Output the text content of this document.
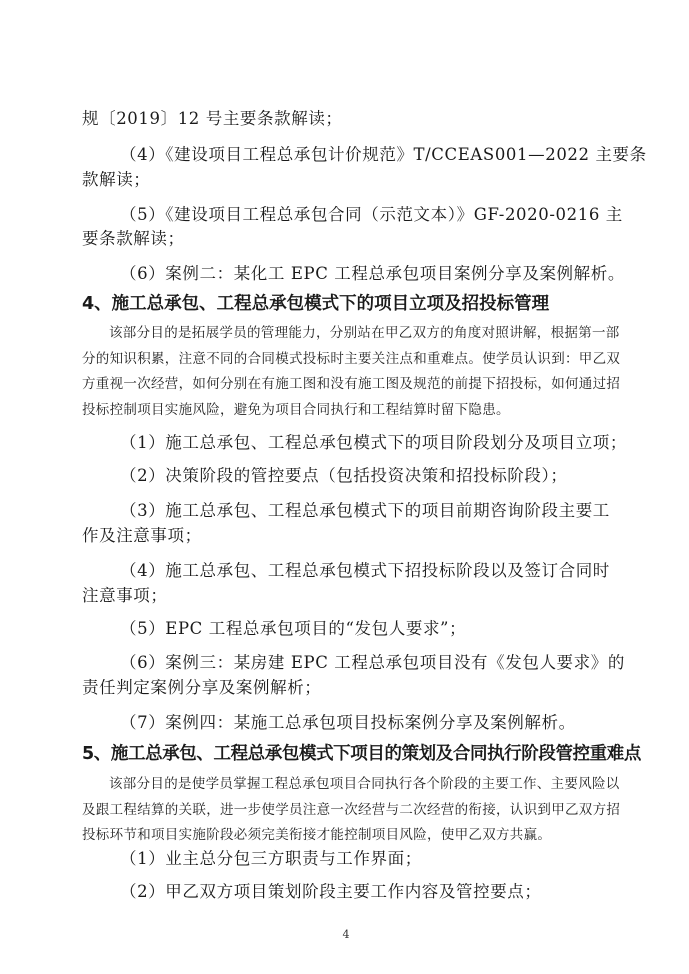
规〔2019〕12 号主要条款解读；

（4）《建设项目工程总承包计价规范》T/CCEAS001—2022 主要条

款解读；

（5）《建设项目工程总承包合同（示范文本）》GF-2020-0216 主

要条款解读；

（6）案例二：某化工 EPC 工程总承包项目案例分享及案例解析。

4、施工总承包、工程总承包模式下的项目立项及招投标管理

该部分目的是拓展学员的管理能力，分别站在甲乙双方的角度对照讲解，根据第一部分的知识积累，注意不同的合同模式投标时主要关注点和重难点。使学员认识到：甲乙双方重视一次经营，如何分别在有施工图和没有施工图及规范的前提下招投标，如何通过招投标控制项目实施风险，避免为项目合同执行和工程结算时留下隐患。

（1）施工总承包、工程总承包模式下的项目阶段划分及项目立项；

（2）决策阶段的管控要点（包括投资决策和招投标阶段）；

（3）施工总承包、工程总承包模式下的项目前期咨询阶段主要工

作及注意事项；

（4）施工总承包、工程总承包模式下招投标阶段以及签订合同时

注意事项；

（5）EPC 工程总承包项目的“发包人要求”；

（6）案例三：某房建 EPC 工程总承包项目没有《发包人要求》的

责任判定案例分享及案例解析；

（7）案例四：某施工总承包项目投标案例分享及案例解析。

5、施工总承包、工程总承包模式下项目的策划及合同执行阶段管控重难点

该部分目的是使学员掌握工程总承包项目合同执行各个阶段的主要工作、主要风险以及跟工程结算的关联，进一步使学员注意一次经营与二次经营的衔接，认识到甲乙双方招投标环节和项目实施阶段必须完美衔接才能控制项目风险，使甲乙双方共赢。

（1）业主总分包三方职责与工作界面；

（2）甲乙双方项目策划阶段主要工作内容及管控要点；

4
